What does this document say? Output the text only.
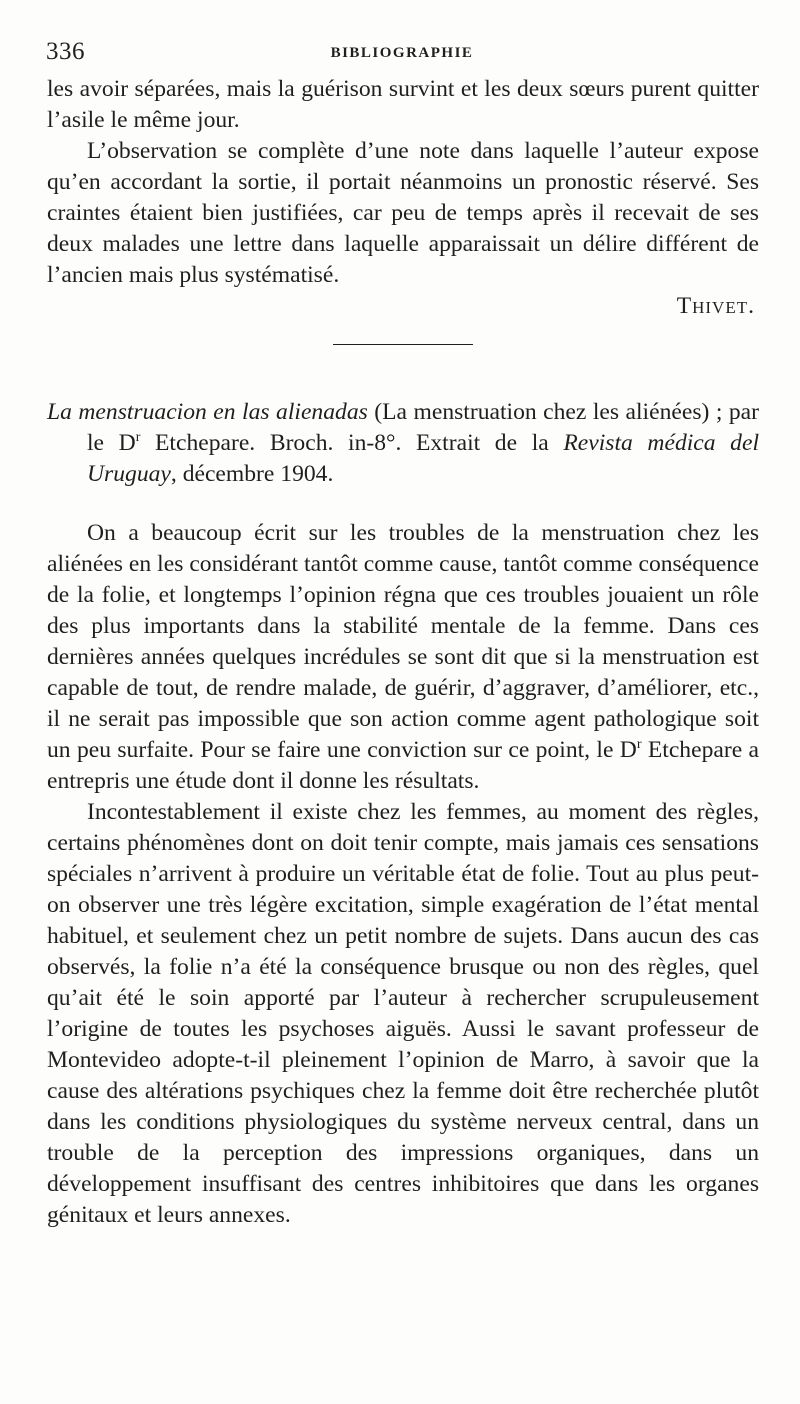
336	BIBLIOGRAPHIE

les avoir séparées, mais la guérison survint et les deux sœurs purent quitter l’asile le même jour.

L’observation se complète d’une note dans laquelle l’auteur expose qu’en accordant la sortie, il portait néanmoins un pronostic réservé. Ses craintes étaient bien justifiées, car peu de temps après il recevait de ses deux malades une lettre dans laquelle apparaissait un délire différent de l’ancien mais plus systématisé.

Thivet.

La menstruacion en las alienadas (La menstruation chez les aliénées) ; par le $D^r$ Etchepare. Broch. in-8°. Extrait de la Revista médica del Uruguay, décembre 1904.

On a beaucoup écrit sur les troubles de la menstruation chez les aliénées en les considérant tantôt comme cause, tantôt comme conséquence de la folie, et longtemps l’opinion régna que ces troubles jouaient un rôle des plus importants dans la stabilité mentale de la femme. Dans ces dernières années quelques incrédules se sont dit que si la menstruation est capable de tout, de rendre malade, de guérir, d’aggraver, d’améliorer, etc., il ne serait pas impossible que son action comme agent pathologique soit un peu surfaite. Pour se faire une conviction sur ce point, le $D^r$ Etchepare a entrepris une étude dont il donne les résultats.

Incontestablement il existe chez les femmes, au moment des règles, certains phénomènes dont on doit tenir compte, mais jamais ces sensations spéciales n’arrivent à produire un véritable état de folie. Tout au plus peut-on observer une très légère excitation, simple exagération de l’état mental habituel, et seulement chez un petit nombre de sujets. Dans aucun des cas observés, la folie n’a été la conséquence brusque ou non des règles, quel qu’ait été le soin apporté par l’auteur à rechercher scrupuleusement l’origine de toutes les psychoses aiguës. Aussi le savant professeur de Montevideo adopte-t-il pleinement l’opinion de Marro, à savoir que la cause des altérations psychiques chez la femme doit être recherchée plutôt dans les conditions physiologiques du système nerveux central, dans un trouble de la perception des impressions organiques, dans un développement insuffisant des centres inhibitoires que dans les organes génitaux et leurs annexes.
